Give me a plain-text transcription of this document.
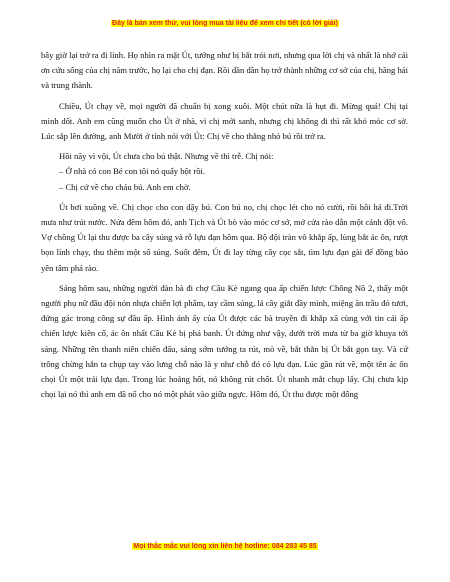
Đây là bản xem thử, vui lòng mua tài liệu để xem chi tiết (có lời giải)

bây giờ lại trở ra đi lính. Họ nhìn ra mặt Út, tưởng như bị bắt trói nơi, nhưng qua lời chị và nhất là nhớ cái ơn cứu sống của chị năm trước, họ lại cho chị đạn. Rồi dần dần họ trở thành những cơ sở của chị, hăng hái và trung thành.

Chiều, Út chạy về, mọi người đã chuẩn bị xong xuôi. Một chút nữa là hụt đi. Mừng quá! Chị tại mình dốt. Anh em cũng muốn cho Út ở nhà, vì chị mới sanh, nhưng chị không đi thì rất khó móc cơ sở. Lúc sắp lên đường, anh Mười ở tỉnh nói với Út: Chị về cho thằng nhỏ bú rồi trở ra.

Hồi nãy vì vội, Út chưa cho bú thật. Nhưng về thì trễ. Chị nói:

– Ở nhà có con Bé con tôi nó quấy bột rồi.

– Chị cứ về cho cháu bú. Anh em chờ.

Út bơi xuồng về. Chị chọc cho con dậy bú. Con bú no, chị chọc lét cho nó cười, rồi hôi hả đi.Trời mưa như trút nước. Nửa đêm hôm đó, anh Tịch và Út bò vào móc cơ sở, mở cửa rào dẫn một cánh đột vô. Vợ chồng Út lại thu được ba cây súng và rỗ lựu đạn hôm qua. Bộ đội tràn vô khắp ấp, lùng bắt ác ôn, rượt bọn lính chạy, thu thêm một số súng. Suốt đêm, Út đi lay từng cây cọc sắt, tìm lựu đạn gài để đồng bào yên tâm phá rào.

Sáng hôm sau, những người đàn bà đi chợ Cầu Kè ngang qua ấp chiến lược Chông Nô 2, thấy một người phụ nữ đầu đội nón nhựa chiến lợi phẩm, tay cầm súng, lá cây giắt đầy mình, miệng ăn trầu đỏ tươi, đứng gác trong công sự đầu ấp. Hình ảnh ấy của Út được các bà truyền đi khắp xã cùng với tin cái ấp chiến lược kiên cố, ác ôn nhất Cầu Kè bị phá banh. Út đứng như vậy, dưới trời mưa từ ba giờ khuya tới sáng. Những tên thanh niên chiến đấu, sáng sớm tướng ta rút, mò về, bắt thằn bị Út bắt gọn tay. Và cứ trông chừng hắn ta chụp tay vào lưng chỗ nào là y như chỗ đó có lựu đạn. Lúc gần rút về, một tên ác ôn chọi Út một trái lựu đạn. Trong lúc hoảng hốt, nó không rút chốt. Út nhanh mắt chụp lấy. Chị chưa kịp chọi lại nó thì anh em đã nổ cho nó một phát vào giữa ngực. Hôm đó, Út thu được một đống

Mọi thắc mắc vui lòng xin liên hệ hotline: 084 283 45 85
